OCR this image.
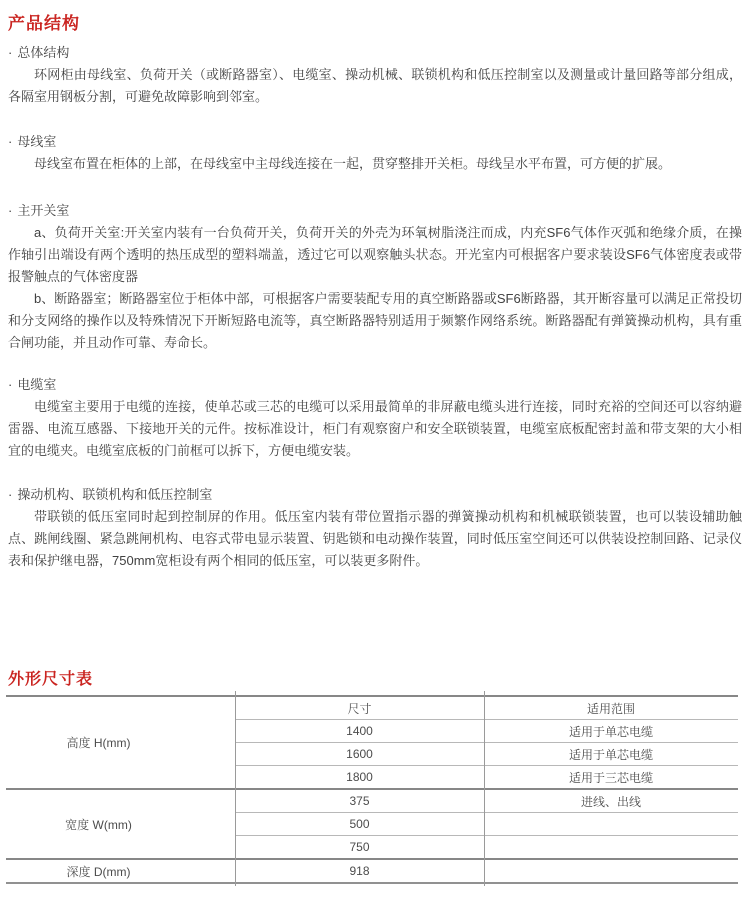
产品结构
· 总体结构

环网柜由母线室、负荷开关（或断路器室）、电缆室、操动机械、联锁机构和低压控制室以及测量或计量回路等部分组成，各隔室用钢板分割，可避免故障影响到邻室。

· 母线室

母线室布置在柜体的上部，在母线室中主母线连接在一起，贯穿整排开关柜。母线呈水平布置，可方便的扩展。

· 主开关室

a、负荷开关室:开关室内装有一台负荷开关，负荷开关的外壳为环氧树脂浇注而成，内充SF6气体作灭弧和绝缘介质，在操作轴引出端设有两个透明的热压成型的塑料端盖，透过它可以观察触头状态。开光室内可根据客户要求装设SF6气体密度表或带报警触点的气体密度器

b、断路器室；断路器室位于柜体中部，可根据客户需要装配专用的真空断路器或SF6断路器，其开断容量可以满足正常投切和分支网络的操作以及特殊情况下开断短路电流等，真空断路器特别适用于频繁作网络系统。断路器配有弹簧操动机构，具有重合闸功能，并且动作可靠、寿命长。

· 电缆室

电缆室主要用于电缆的连接，使单芯或三芯的电缆可以采用最简单的非屏蔽电缆头进行连接，同时充裕的空间还可以容纳避雷器、电流互感器、下接地开关的元件。按标准设计，柜门有观察窗户和安全联锁装置，电缆室底板配密封盖和带支架的大小相宜的电缆夹。电缆室底板的门前框可以拆下，方便电缆安装。

· 操动机构、联锁机构和低压控制室

带联锁的低压室同时起到控制屏的作用。低压室内装有带位置指示器的弹簧操动机构和机械联锁装置，也可以装设辅助触点、跳闸线圈、紧急跳闸机构、电容式带电显示装置、钥匙锁和电动操作装置，同时低压室空间还可以供装设控制回路、记录仪表和保护继电器，750mm宽柜设有两个相同的低压室，可以装更多附件。

外形尺寸表
高度 H(mm)	尺寸	适用范围
	1400	适用于单芯电缆
	1600	适用于单芯电缆
	1800	适用于三芯电缆
宽度 W(mm)	375	进线、出线
	500	
	750	
深度 D(mm)	918	
